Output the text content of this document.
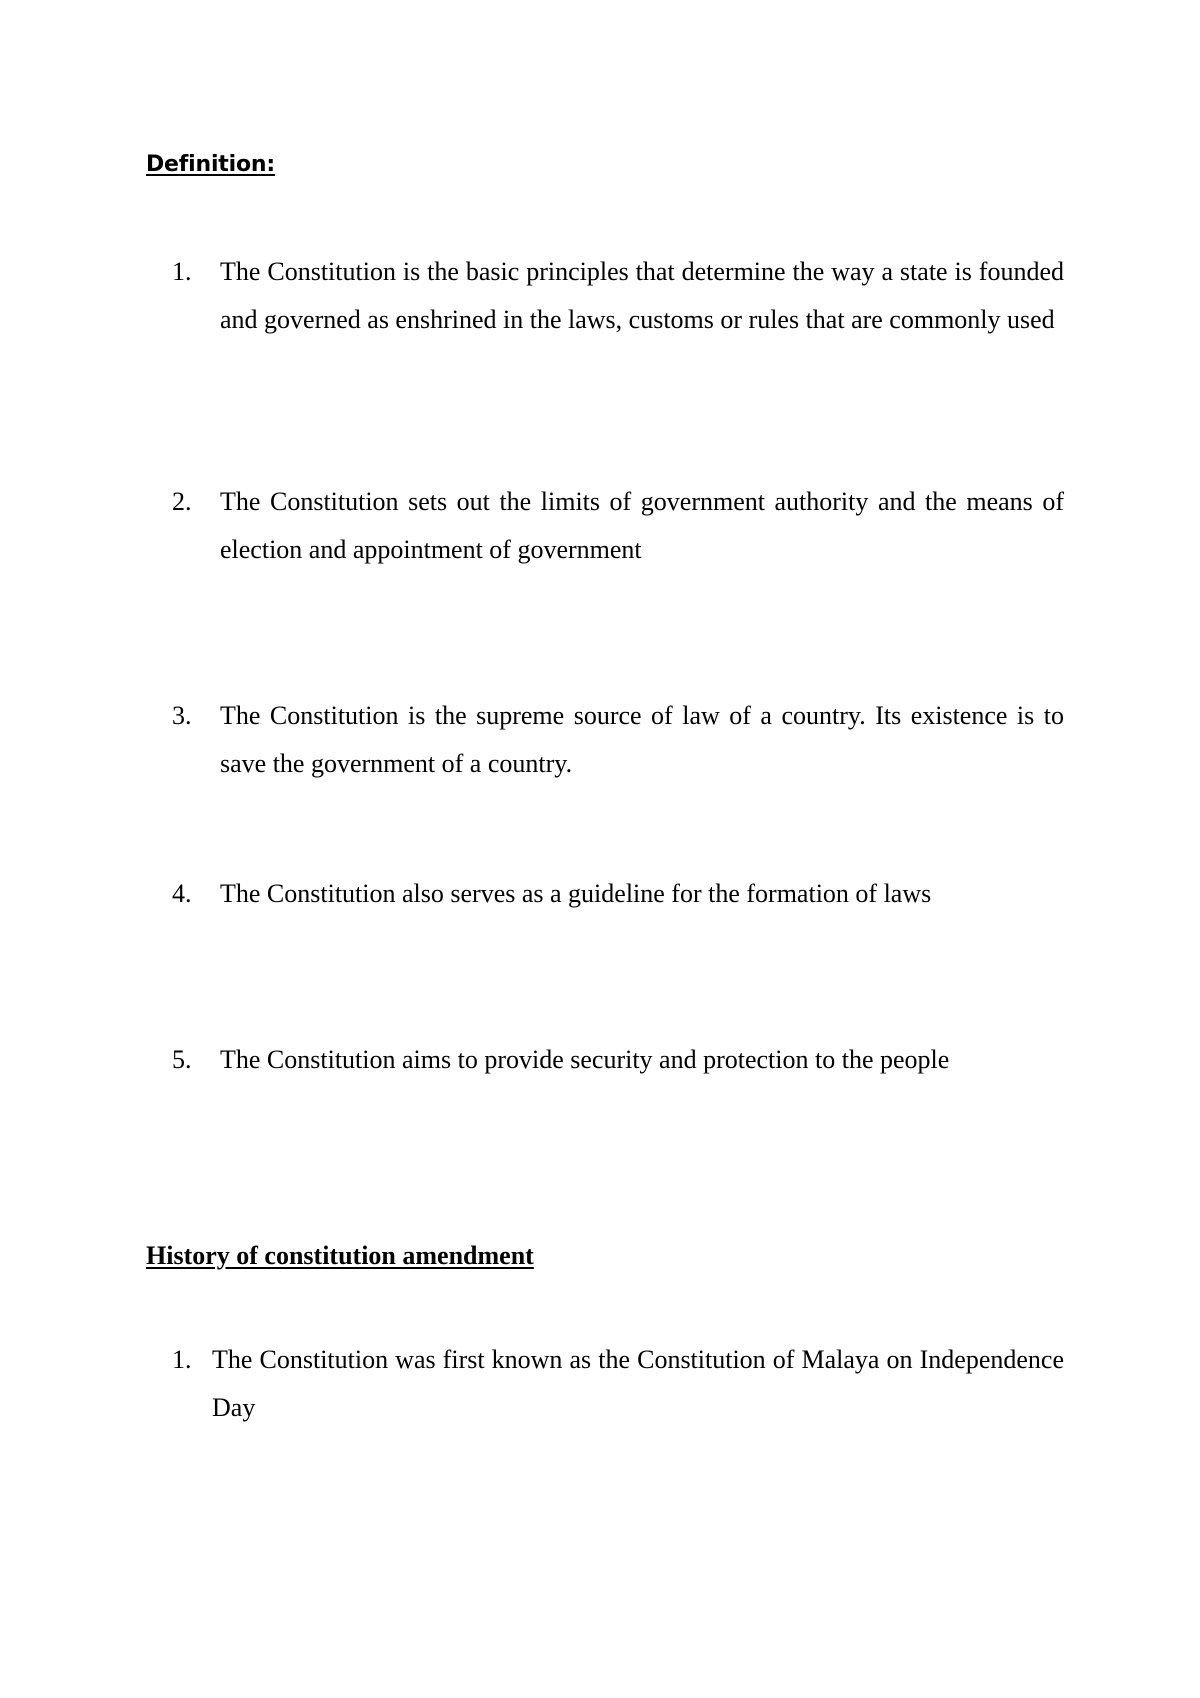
Definition:

1.	The Constitution is the basic principles that determine the way a state is founded and governed as enshrined in the laws, customs or rules that are commonly used

2.	The Constitution sets out the limits of government authority and the means of election and appointment of government

3.	The Constitution is the supreme source of law of a country. Its existence is to save the government of a country.

4.	The Constitution also serves as a guideline for the formation of laws

5.	The Constitution aims to provide security and protection to the people

History of constitution amendment

1. The Constitution was first known as the Constitution of Malaya on Independence Day
